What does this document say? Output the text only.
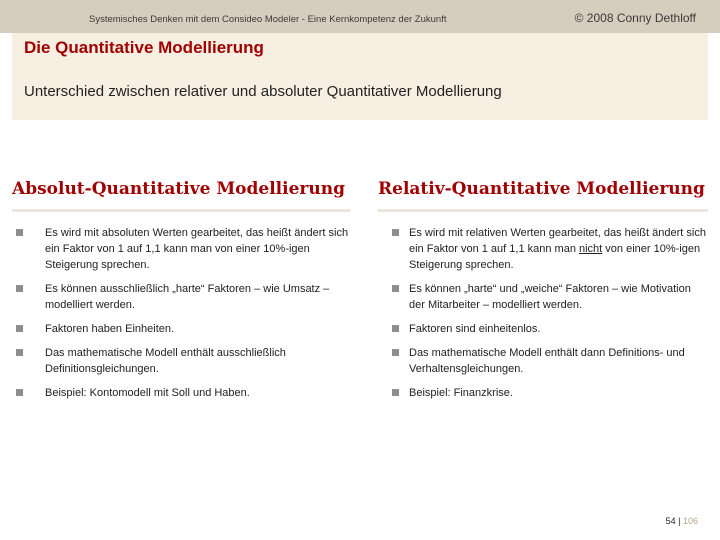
Systemisches Denken mit dem Consideo Modeler - Eine Kernkompetenz der Zukunft	© 2008 Conny Dethloff
Die Quantitative Modellierung
Unterschied zwischen relativer und absoluter Quantitativer Modellierung
Absolut-Quantitative Modellierung
Es wird mit absoluten Werten gearbeitet, das heißt ändert sich ein Faktor von 1 auf 1,1 kann man von einer 10%-igen Steigerung sprechen.
Es können ausschließlich „harte“ Faktoren – wie Umsatz – modelliert werden.
Faktoren haben Einheiten.
Das mathematische Modell enthält ausschließlich Definitionsgleichungen.
Beispiel: Kontomodell mit Soll und Haben.
Relativ-Quantitative Modellierung
Es wird mit relativen Werten gearbeitet, das heißt ändert sich ein Faktor von 1 auf 1,1 kann man nicht von einer 10%-igen Steigerung sprechen.
Es können „harte“ und „weiche“ Faktoren – wie Motivation der Mitarbeiter – modelliert werden.
Faktoren sind einheitenlos.
Das mathematische Modell enthält dann Definitions- und Verhaltensgleichungen.
Beispiel: Finanzkrise.
54 | 106
